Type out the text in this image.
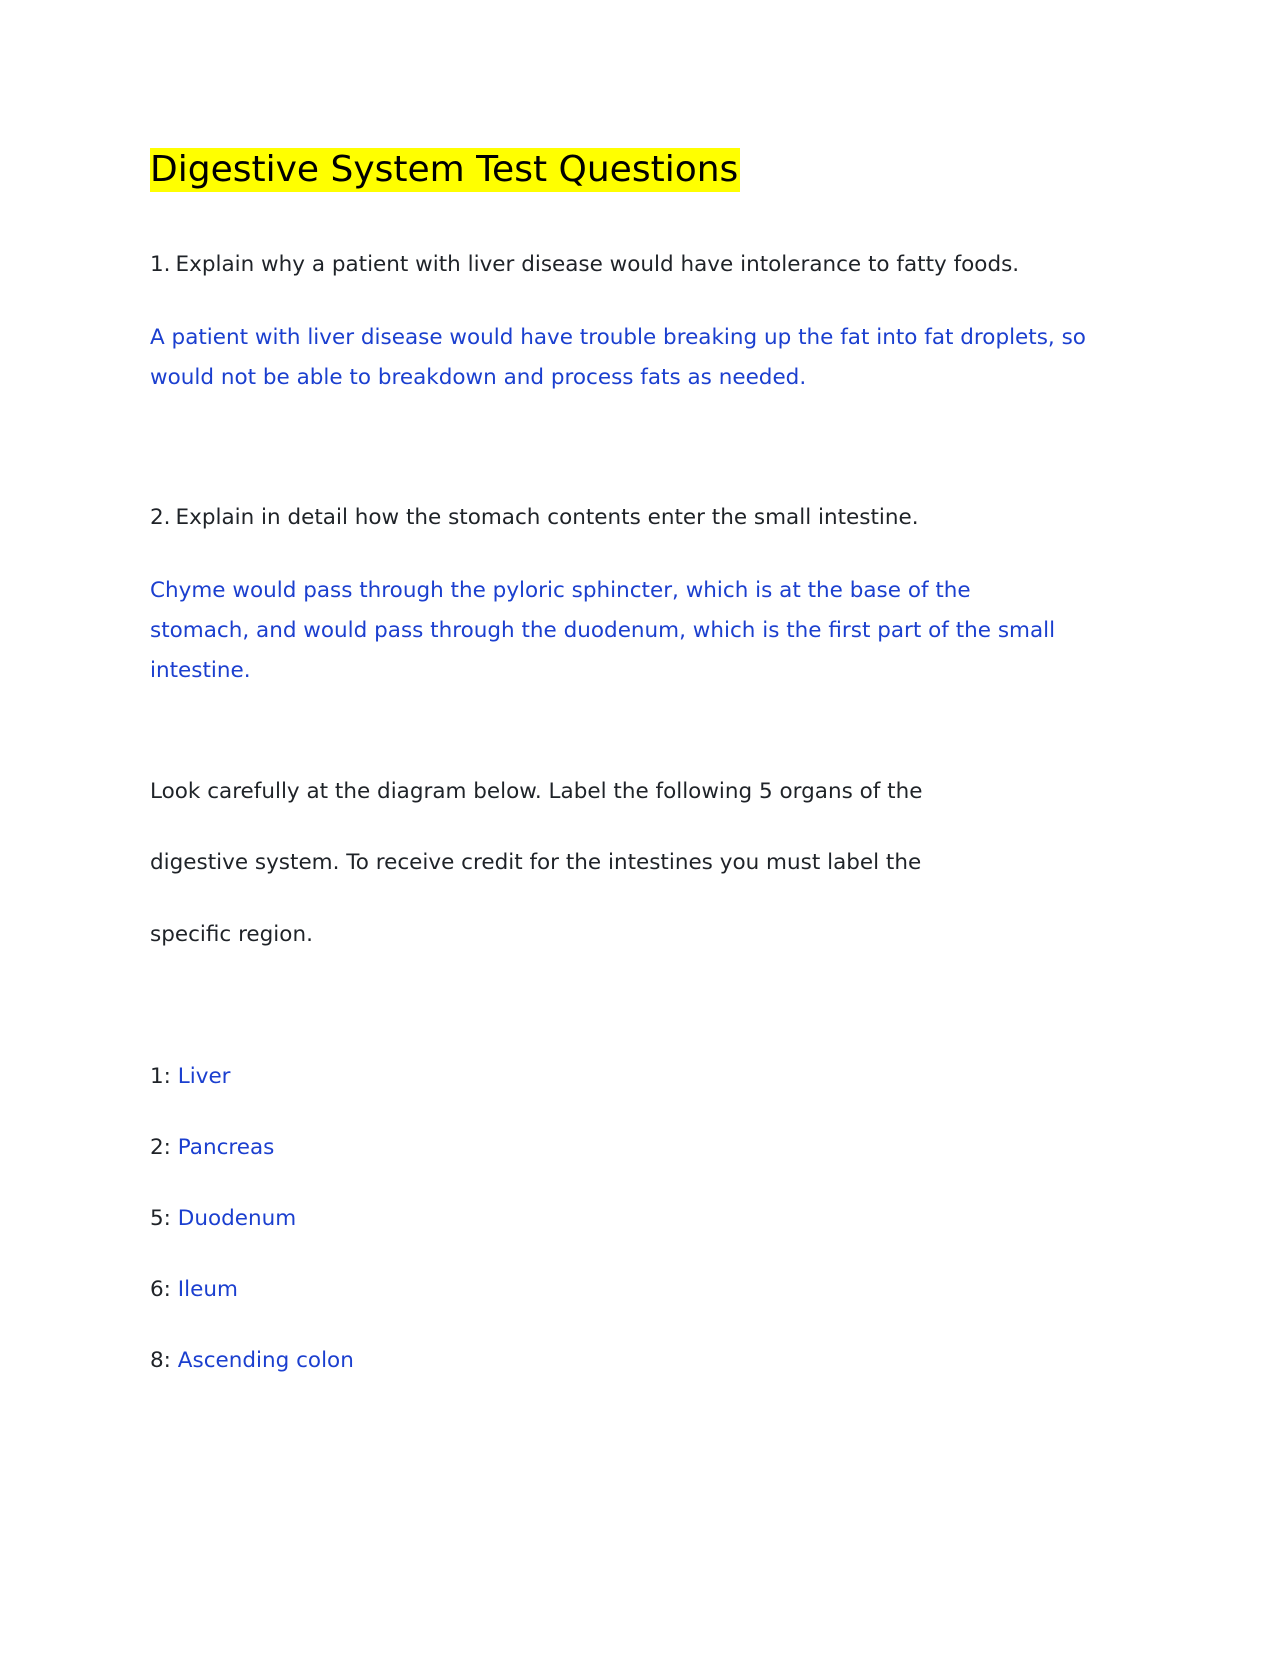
Digestive System Test Questions

1. Explain why a patient with liver disease would have intolerance to fatty foods.

A patient with liver disease would have trouble breaking up the fat into fat droplets, so
would not be able to breakdown and process fats as needed.

2. Explain in detail how the stomach contents enter the small intestine.

Chyme would pass through the pyloric sphincter, which is at the base of the
stomach, and would pass through the duodenum, which is the first part of the small
intestine.

Look carefully at the diagram below. Label the following 5 organs of the

digestive system. To receive credit for the intestines you must label the

specific region.

1: Liver

2: Pancreas

5: Duodenum

6: Ileum

8: Ascending colon
